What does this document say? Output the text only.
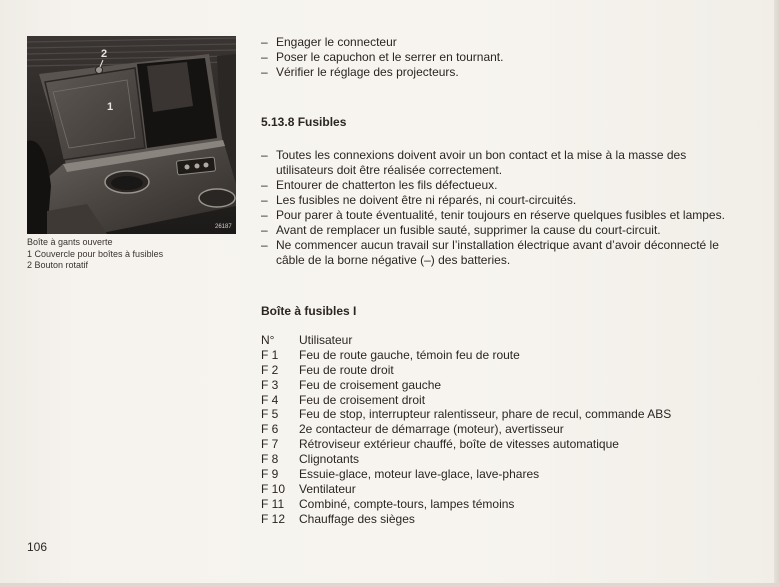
2
1
26187
Boîte à gants ouverte
1 Couvercle pour boîtes à fusibles
2 Bouton rotatif

– Engager le connecteur

– Poser le capuchon et le serrer en tournant.

– Vérifier le réglage des projecteurs.

5.13.8 Fusibles

– Toutes les connexions doivent avoir un bon contact et la mise à la masse des utilisateurs doit être réalisée correctement.

– Entourer de chatterton les fils défectueux.

– Les fusibles ne doivent être ni réparés, ni court-circuités.

– Pour parer à toute éventualité, tenir toujours en réserve quelques fusibles et lampes.

– Avant de remplacer un fusible sauté, supprimer la cause du court-circuit.

– Ne commencer aucun travail sur l’installation électrique avant d’avoir déconnecté le câble de la borne négative (–) des batteries.

Boîte à fusibles I
N°	Utilisateur
F 1	Feu de route gauche, témoin feu de route
F 2	Feu de route droit
F 3	Feu de croisement gauche
F 4	Feu de croisement droit
F 5	Feu de stop, interrupteur ralentisseur, phare de recul, commande ABS
F 6	2e contacteur de démarrage (moteur), avertisseur
F 7	Rétroviseur extérieur chauffé, boîte de vitesses automatique
F 8	Clignotants
F 9	Essuie-glace, moteur lave-glace, lave-phares
F 10	Ventilateur
F 11	Combiné, compte-tours, lampes témoins
F 12	Chauffage des sièges
106
